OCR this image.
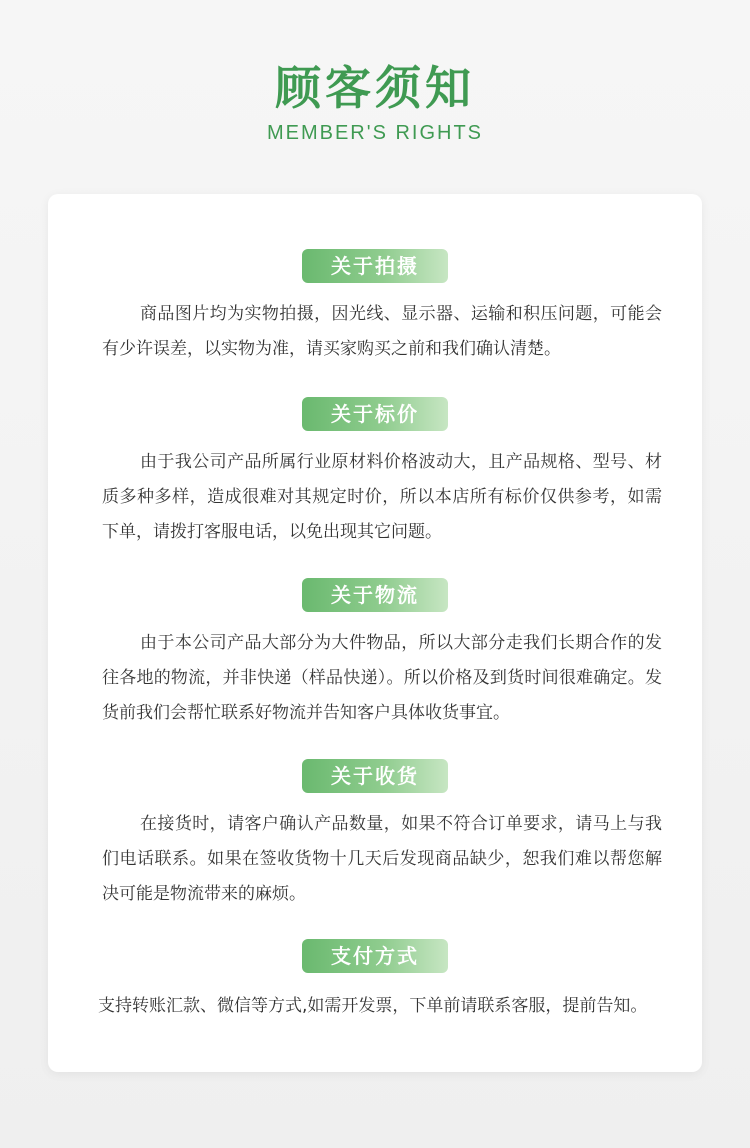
顾客须知
MEMBER'S RIGHTS
关于拍摄
商品图片均为实物拍摄，因光线、显示器、运输和积压问题，可能会有少许误差，以实物为准，请买家购买之前和我们确认清楚。
关于标价
由于我公司产品所属行业原材料价格波动大，且产品规格、型号、材质多种多样，造成很难对其规定时价，所以本店所有标价仅供参考，如需下单，请拨打客服电话，以免出现其它问题。
关于物流
由于本公司产品大部分为大件物品，所以大部分走我们长期合作的发往各地的物流，并非快递（样品快递）。所以价格及到货时间很难确定。发货前我们会帮忙联系好物流并告知客户具体收货事宜。
关于收货
在接货时，请客户确认产品数量，如果不符合订单要求，请马上与我们电话联系。如果在签收货物十几天后发现商品缺少，恕我们难以帮您解决可能是物流带来的麻烦。
支付方式
支持转账汇款、微信等方式,如需开发票，下单前请联系客服，提前告知。
